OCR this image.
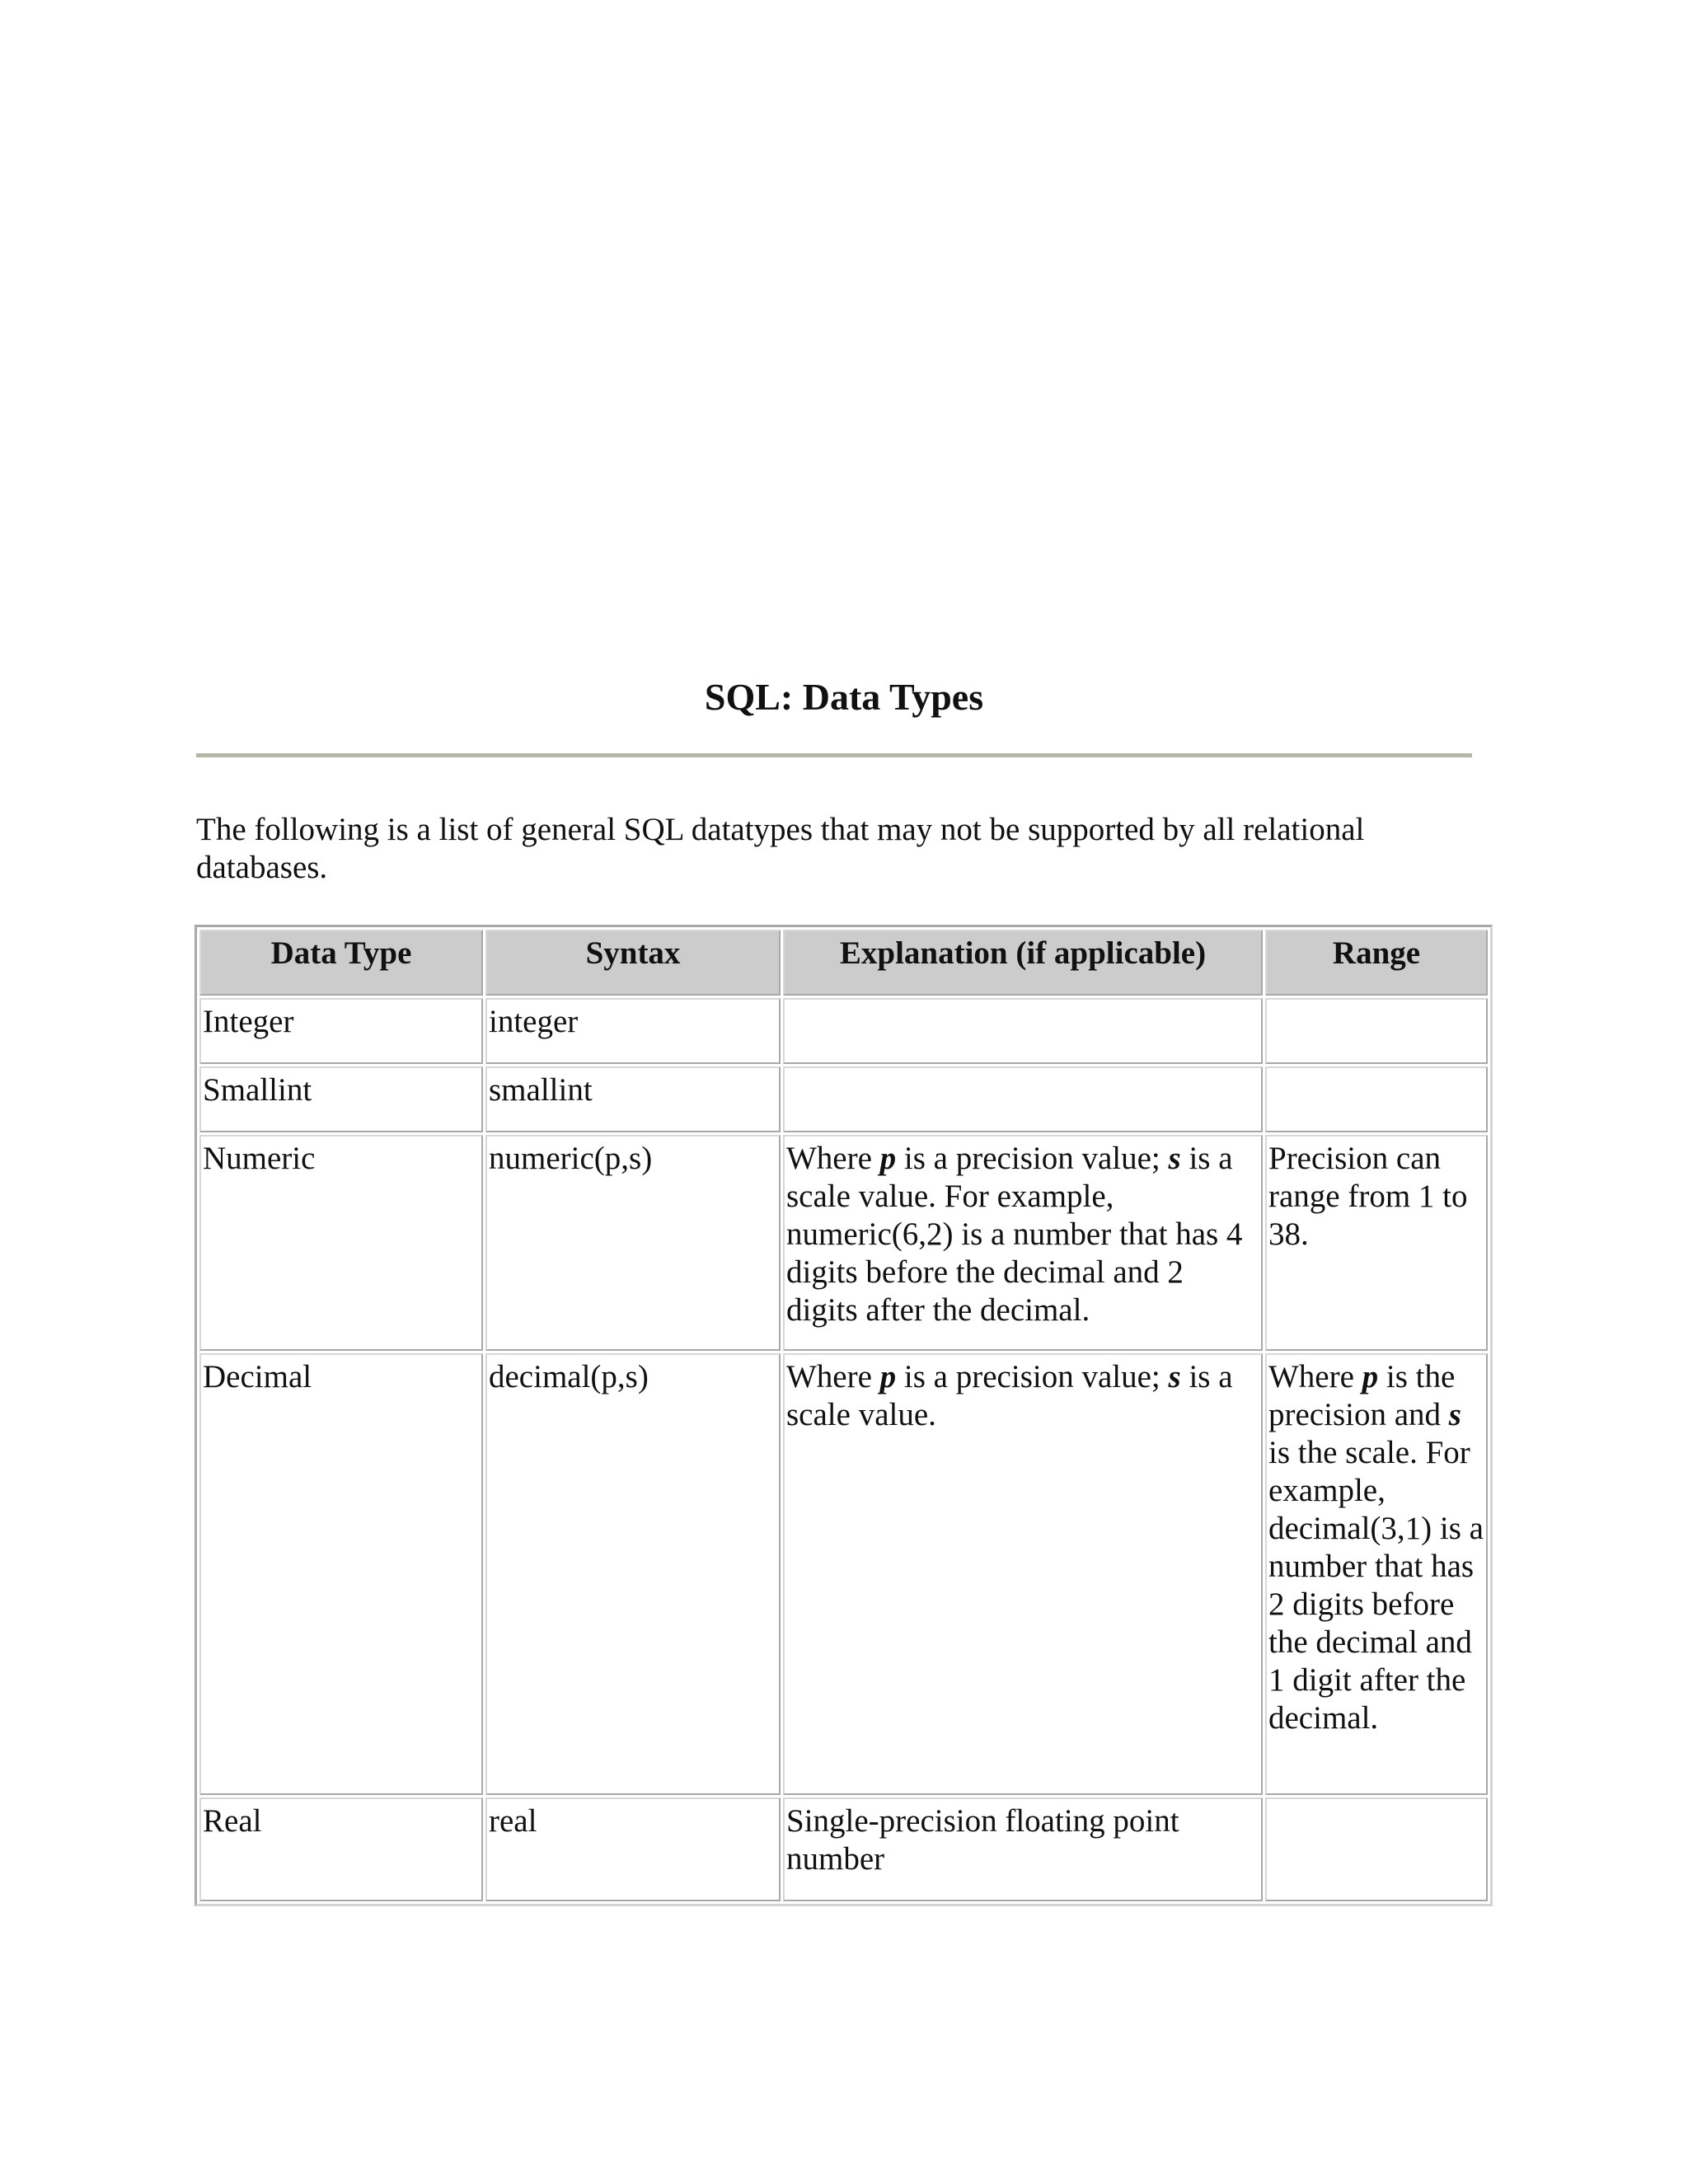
SQL: Data Types

The following is a list of general SQL datatypes that may not be supported by all relational databases.

Data Type	Syntax	Explanation (if applicable)	Range
Integer	integer		
Smallint	smallint		
Numeric	numeric(p,s)	Where p is a precision value; s is a scale value. For example, numeric(6,2) is a number that has 4 digits before the decimal and 2 digits after the decimal.	Precision can range from 1 to 38.
Decimal	decimal(p,s)	Where p is a precision value; s is a scale value.	Where p is the precision and s is the scale. For example, decimal(3,1) is a number that has 2 digits before the decimal and 1 digit after the decimal.
Real	real	Single-precision floating point number	
